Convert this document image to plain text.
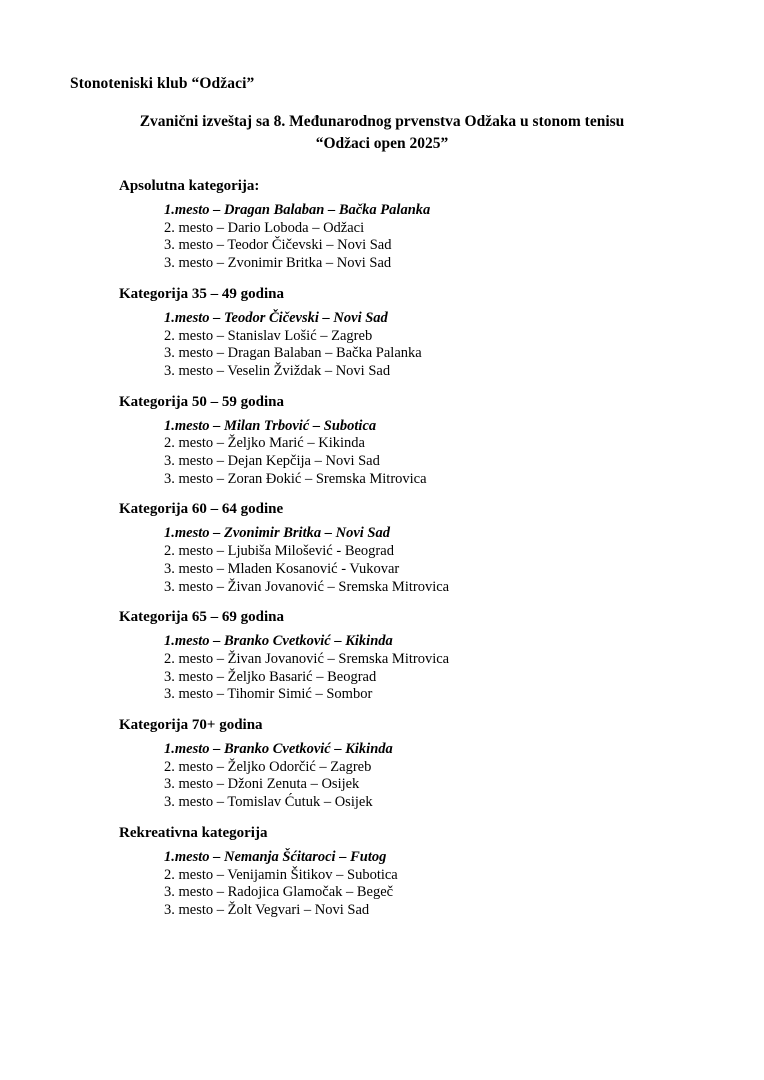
Stonoteniski klub “Odžaci”
Zvanični izveštaj sa 8. Međunarodnog prvenstva Odžaka u stonom tenisu
“Odžaci open 2025”
Apsolutna kategorija:
1.mesto – Dragan Balaban – Bačka Palanka
2. mesto – Dario Loboda – Odžaci
3. mesto – Teodor Čičevski – Novi Sad
3. mesto – Zvonimir Britka – Novi Sad
Kategorija 35 – 49 godina
1.mesto – Teodor Čičevski – Novi Sad
2. mesto – Stanislav Lošić – Zagreb
3. mesto – Dragan Balaban – Bačka Palanka
3. mesto – Veselin Žviždak – Novi Sad
Kategorija 50 – 59 godina
1.mesto – Milan Trbović – Subotica
2. mesto – Željko Marić – Kikinda
3. mesto – Dejan Kepčija – Novi Sad
3. mesto – Zoran Đokić – Sremska Mitrovica
Kategorija 60 – 64 godine
1.mesto – Zvonimir Britka – Novi Sad
2. mesto – Ljubiša Milošević - Beograd
3. mesto – Mladen Kosanović - Vukovar
3. mesto – Živan Jovanović – Sremska Mitrovica
Kategorija 65 – 69 godina
1.mesto – Branko Cvetković – Kikinda
2. mesto – Živan Jovanović – Sremska Mitrovica
3. mesto – Željko Basarić – Beograd
3. mesto – Tihomir Simić – Sombor
Kategorija 70+ godina
1.mesto – Branko Cvetković – Kikinda
2. mesto – Željko Odorčić – Zagreb
3. mesto – Džoni Zenuta – Osijek
3. mesto – Tomislav Ćutuk – Osijek
Rekreativna kategorija
1.mesto – Nemanja Šćitaroci – Futog
2. mesto – Venijamin Šitikov – Subotica
3. mesto – Radojica Glamočak – Begeč
3. mesto – Žolt Vegvari – Novi Sad
